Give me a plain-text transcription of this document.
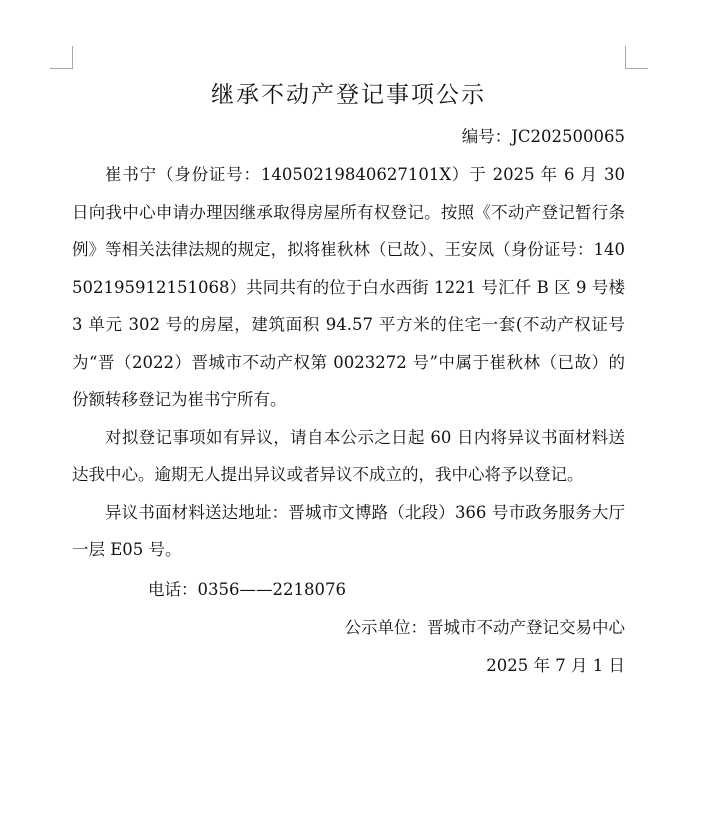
继承不动产登记事项公示
编号：JC202500065

崔书宁（身份证号：14050219840627101X）于 2025 年 6 月 30 日向我中心申请办理因继承取得房屋所有权登记。按照《不动产登记暂行条例》等相关法律法规的规定，拟将崔秋林（已故）、王安凤（身份证号：140502195912151068）共同共有的位于白水西街 1221 号汇仟 B 区 9 号楼 3 单元 302 号的房屋，建筑面积 94.57 平方米的住宅一套(不动产权证号为“晋（2022）晋城市不动产权第 0023272 号”中属于崔秋林（已故）的份额转移登记为崔书宁所有。

对拟登记事项如有异议，请自本公示之日起 60 日内将异议书面材料送达我中心。逾期无人提出异议或者异议不成立的，我中心将予以登记。

异议书面材料送达地址：晋城市文博路（北段）366 号市政务服务大厅一层 E05 号。

电话：0356——2218076
公示单位：晋城市不动产登记交易中心
2025 年 7 月 1 日
